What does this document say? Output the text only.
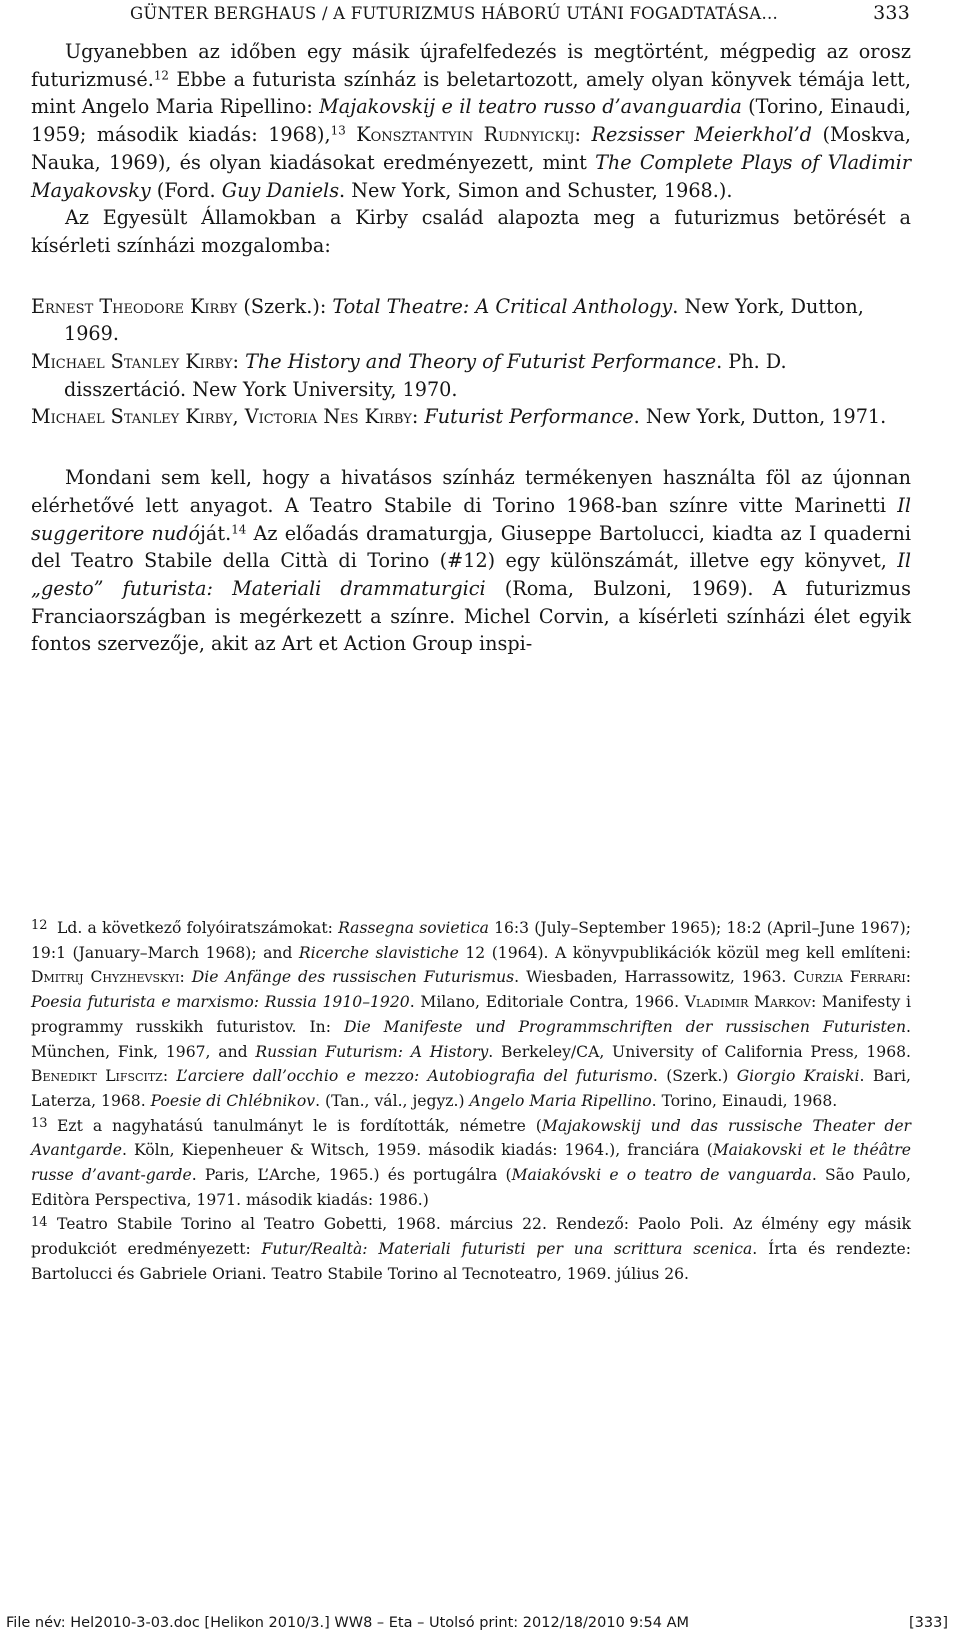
GÜNTER BERGHAUS / A FUTURIZMUS HÁBORÚ UTÁNI FOGADTATÁSA…	333

Ugyanebben az időben egy másik újrafelfedezés is megtörtént, mégpedig az orosz futurizmusé.$^{12}$ Ebbe a futurista színház is beletartozott, amely olyan könyvek témája lett, mint Angelo Maria Ripellino: Majakovskij e il teatro russo d’avanguardia (Torino, Einaudi, 1959; második kiadás: 1968),$^{13}$ Konsztantyin Rudnyickij: Rezsisser Meierkhol’d (Moskva, Nauka, 1969), és olyan kiadásokat eredményezett, mint The Complete Plays of Vladimir Mayakovsky (Ford. Guy Daniels. New York, Simon and Schuster, 1968.).

Az Egyesült Államokban a Kirby család alapozta meg a futurizmus betörését a kísérleti színházi mozgalomba:

Ernest Theodore Kirby (Szerk.): Total Theatre: A Critical Anthology. New York, Dutton, 1969.

Michael Stanley Kirby: The History and Theory of Futurist Performance. Ph. D. disszertáció. New York University, 1970.

Michael Stanley Kirby, Victoria Nes Kirby: Futurist Performance. New York, Dutton, 1971.

Mondani sem kell, hogy a hivatásos színház termékenyen használta föl az újonnan elérhetővé lett anyagot. A Teatro Stabile di Torino 1968-ban színre vitte Marinetti Il suggeritore nudóját.$^{14}$ Az előadás dramaturgja, Giuseppe Bartolucci, kiadta az I quaderni del Teatro Stabile della Città di Torino (#12) egy különszámát, illetve egy könyvet, Il „gesto” futurista: Materiali drammaturgici (Roma, Bulzoni, 1969). A futurizmus Franciaországban is megérkezett a színre. Michel Corvin, a kísérleti színházi élet egyik fontos szervezője, akit az Art et Action Group inspi-

12 Ld. a következő folyóiratszámokat: Rassegna sovietica 16:3 (July–September 1965); 18:2 (April–June 1967); 19:1 (January–March 1968); and Ricerche slavistiche 12 (1964). A könyvpublikációk közül meg kell említeni: Dmitrij Chyzhevskyi: Die Anfänge des russischen Futurismus. Wiesbaden, Harrassowitz, 1963. Curzia Ferrari: Poesia futurista e marxismo: Russia 1910–1920. Milano, Editoriale Contra, 1966. Vladimir Markov: Manifesty i programmy russkikh futuristov. In: Die Manifeste und Programmschriften der russischen Futuristen. München, Fink, 1967, and Russian Futurism: A History. Berkeley/CA, University of California Press, 1968. Benedikt Lifscitz: L’arciere dall’occhio e mezzo: Autobiografia del futurismo. (Szerk.) Giorgio Kraiski. Bari, Laterza, 1968. Poesie di Chlébnikov. (Tan., vál., jegyz.) Angelo Maria Ripellino. Torino, Einaudi, 1968.

13 Ezt a nagyhatású tanulmányt le is fordították, németre (Majakowskij und das russische Theater der Avantgarde. Köln, Kiepenheuer & Witsch, 1959. második kiadás: 1964.), franciára (Maiakovski et le théâtre russe d’avant-garde. Paris, L’Arche, 1965.) és portugálra (Maiakóvski e o teatro de vanguarda. São Paulo, Editòra Perspectiva, 1971. második kiadás: 1986.)

14 Teatro Stabile Torino al Teatro Gobetti, 1968. március 22. Rendező: Paolo Poli. Az élmény egy másik produkciót eredményezett: Futur/Realtà: Materiali futuristi per una scrittura scenica. Írta és rendezte: Bartolucci és Gabriele Oriani. Teatro Stabile Torino al Tecnoteatro, 1969. július 26.

File név: Hel2010-3-03.doc [Helikon 2010/3.] WW8 – Eta – Utolsó print: 2012/18/2010 9:54 AM	[333]
